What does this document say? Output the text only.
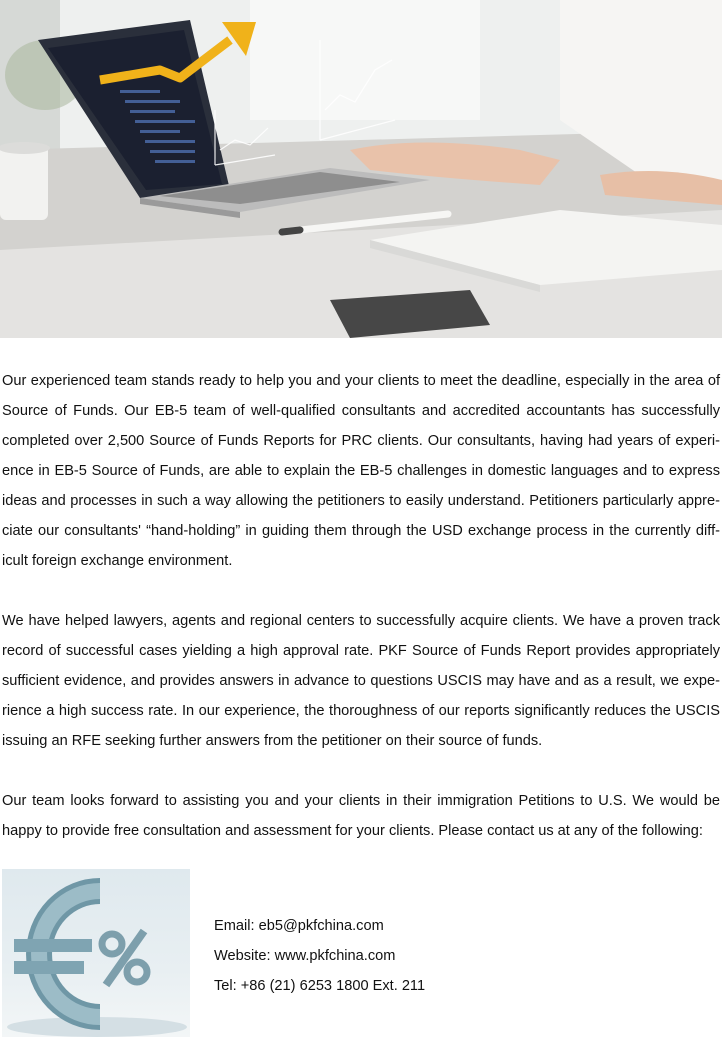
Our experienced team stands ready to help you and your clients to meet the deadline, especially in the area of Source of Funds. Our EB-5 team of well-qualified consultants and accredited accountants has successfully completed over 2,500 Source of Funds Reports for PRC clients. Our consultants, having had years of experience in EB-5 Source of Funds, are able to explain the EB-5 challenges in domestic languages and to express ideas and processes in such a way allowing the petitioners to easily understand. Petitioners particularly appreciate our consultants' “hand-holding” in guiding them through the USD exchange process in the currently difficult foreign exchange environment.

We have helped lawyers, agents and regional centers to successfully acquire clients. We have a proven track record of successful cases yielding a high approval rate. PKF Source of Funds Report provides appropriately sufficient evidence, and provides answers in advance to questions USCIS may have and as a result, we experience a high success rate. In our experience, the thoroughness of our reports significantly reduces the USCIS issuing an RFE seeking further answers from the petitioner on their source of funds.

Our team looks forward to assisting you and your clients in their immigration Petitions to U.S. We would be happy to provide free consultation and assessment for your clients. Please contact us at any of the following:

Email: eb5@pkfchina.com
Website: www.pkfchina.com
Tel: +86 (21) 6253 1800 Ext. 211
